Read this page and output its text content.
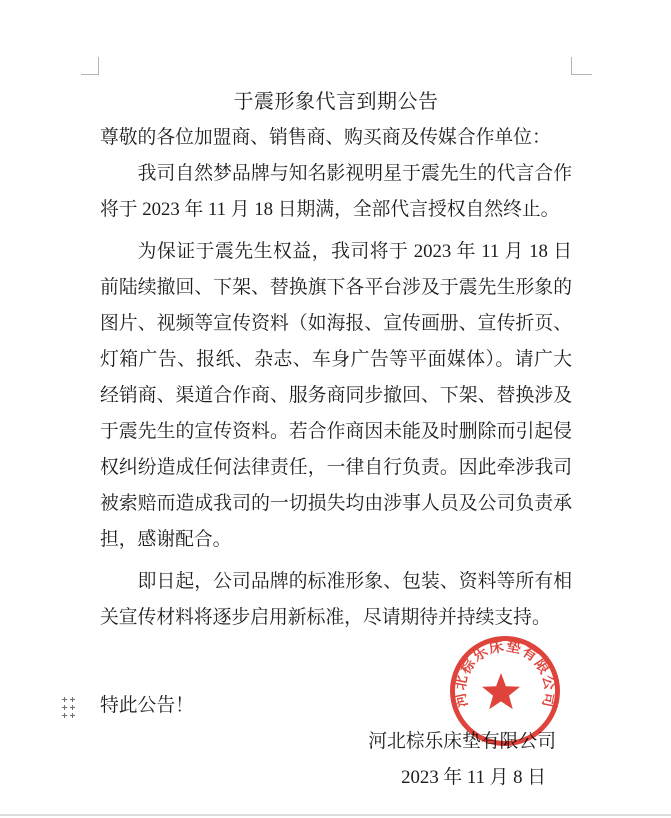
于震形象代言到期公告

尊敬的各位加盟商、销售商、购买商及传媒合作单位：

我司自然梦品牌与知名影视明星于震先生的代言合作将于 2023 年 11 月 18 日期满，全部代言授权自然终止。

为保证于震先生权益，我司将于 2023 年 11 月 18 日前陆续撤回、下架、替换旗下各平台涉及于震先生形象的图片、视频等宣传资料（如海报、宣传画册、宣传折页、灯箱广告、报纸、杂志、车身广告等平面媒体）。请广大经销商、渠道合作商、服务商同步撤回、下架、替换涉及于震先生的宣传资料。若合作商因未能及时删除而引起侵权纠纷造成任何法律责任，一律自行负责。因此牵涉我司被索赔而造成我司的一切损失均由涉事人员及公司负责承担，感谢配合。

即日起，公司品牌的标准形象、包装、资料等所有相关宣传材料将逐步启用新标准，尽请期待并持续支持。

特此公告！

河北棕乐床垫有限公司

2023 年 11 月 8 日

河北棕乐床垫有限公司
